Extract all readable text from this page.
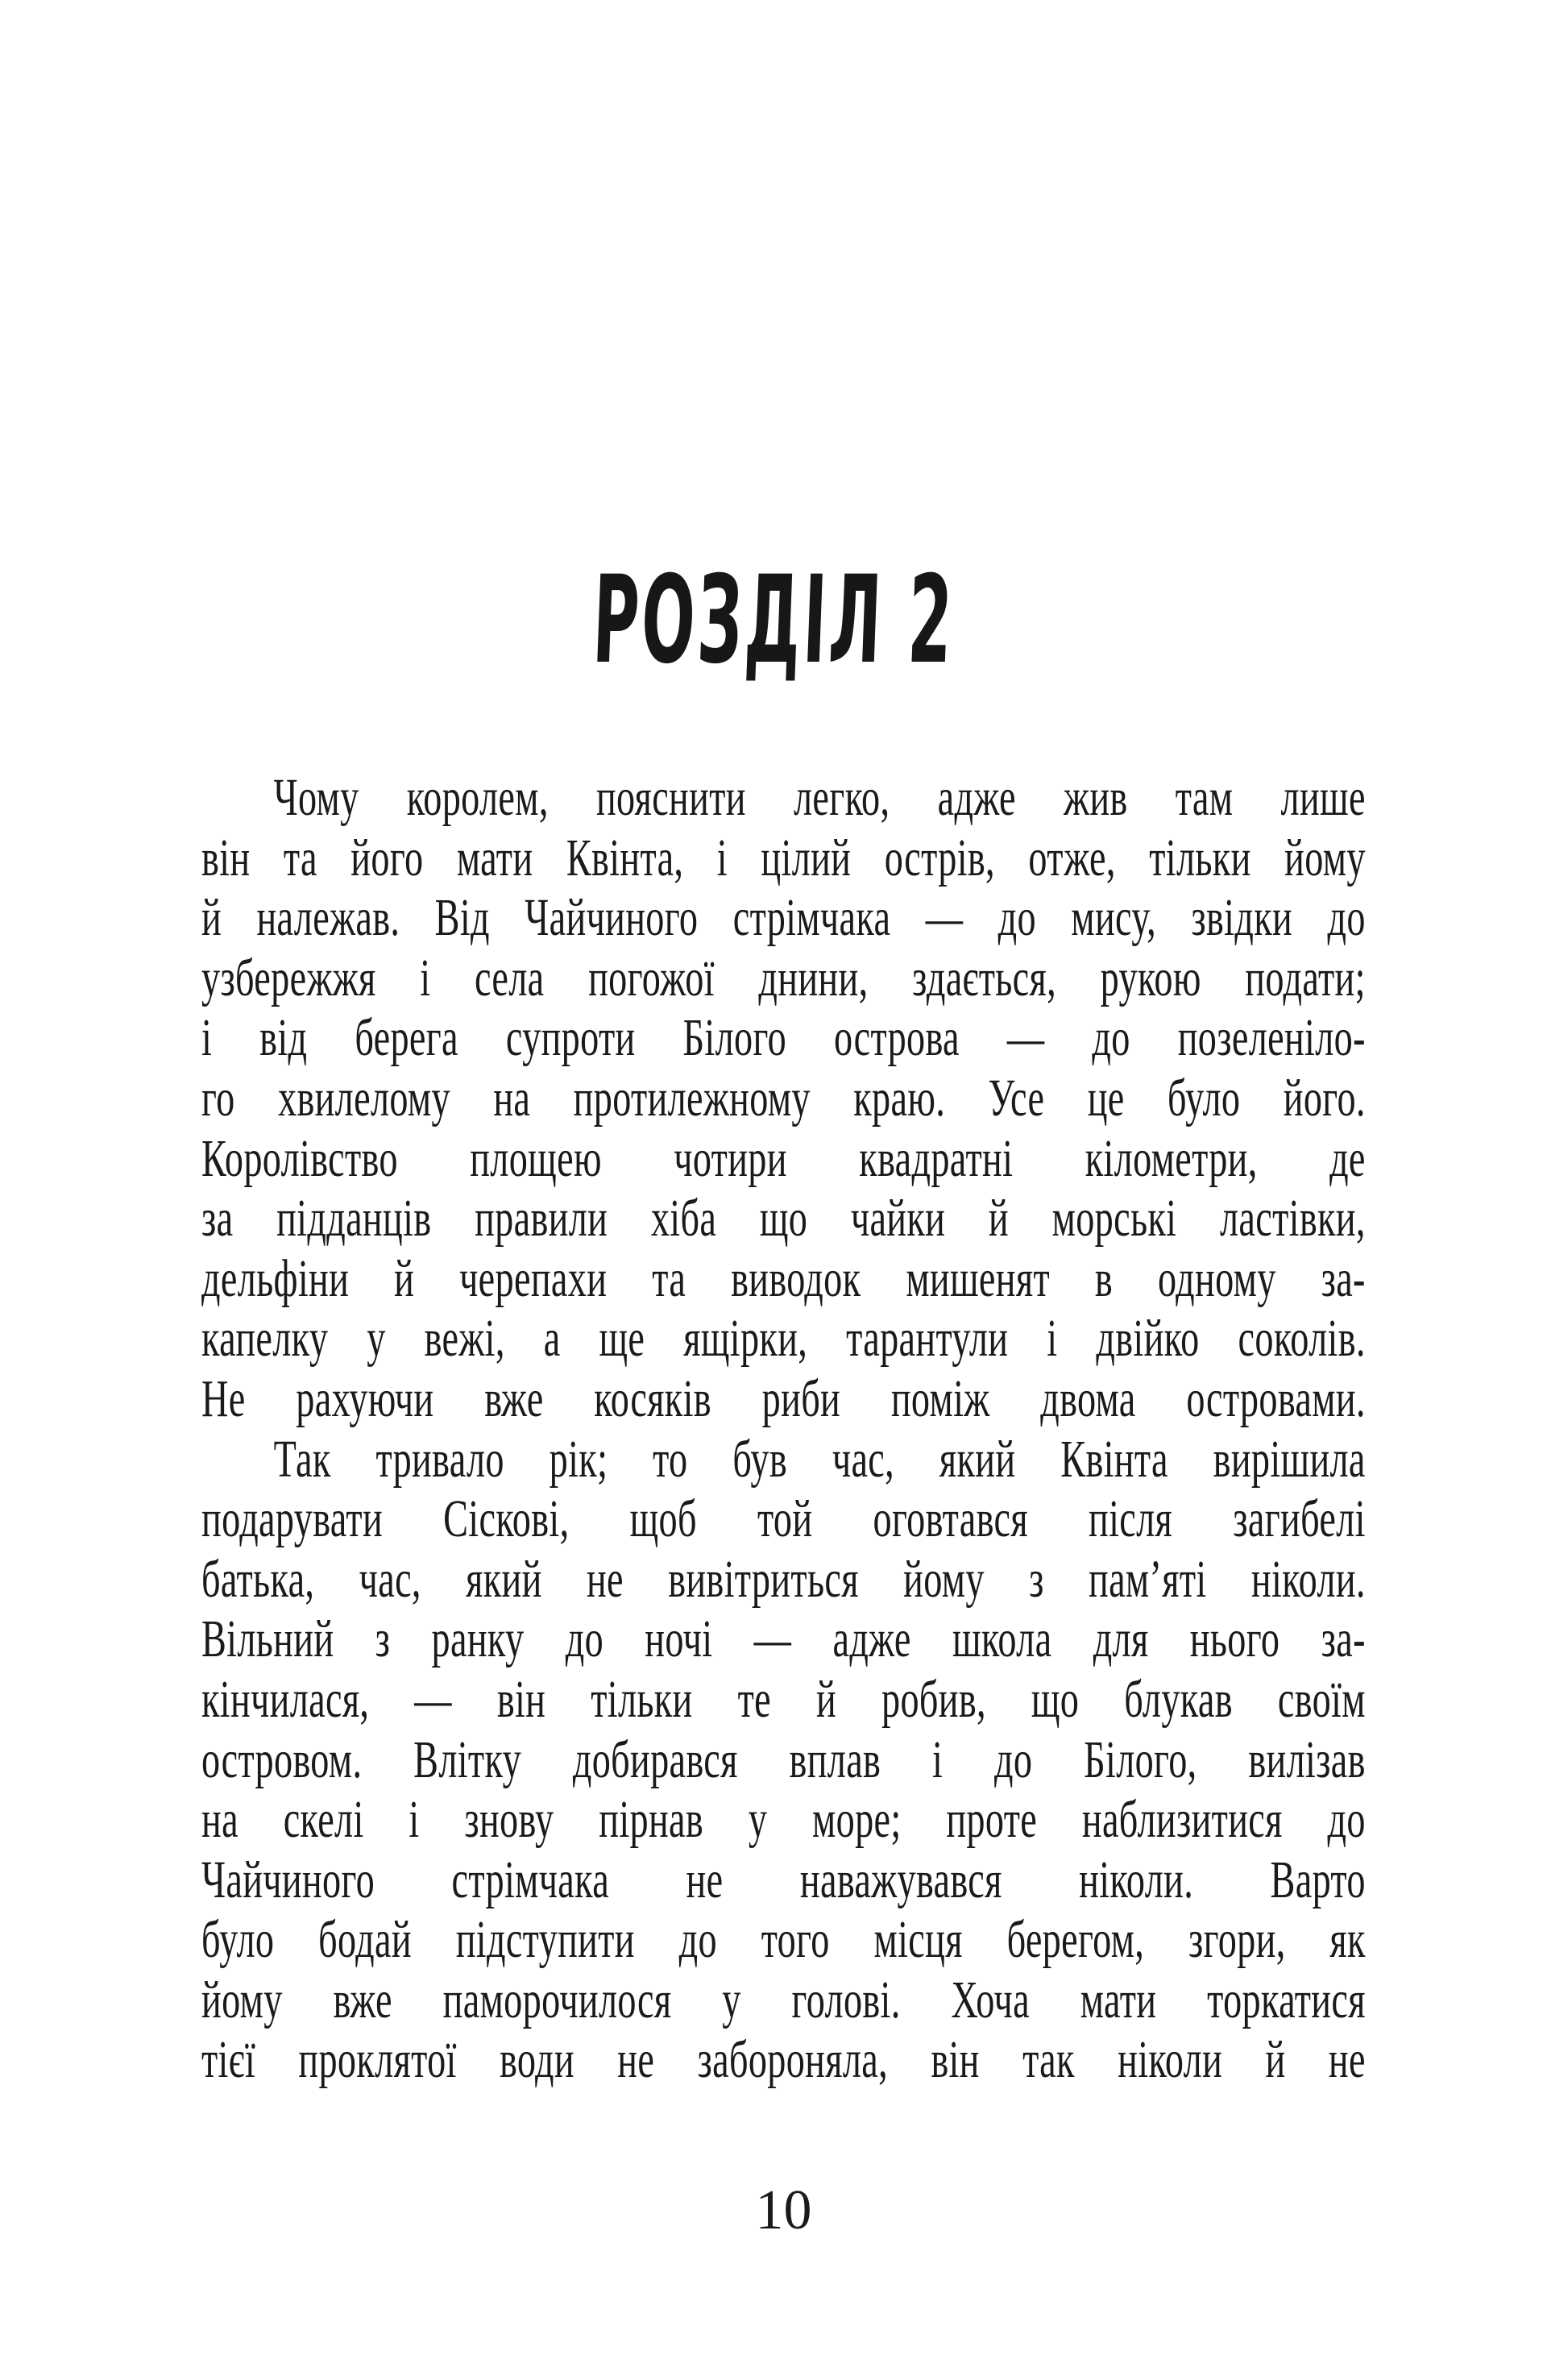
РОЗДІЛ 2
Чому королем, пояснити легко, адже жив там лише
він та його мати Квінта, і цілий острів, отже, тільки йому
й належав. Від Чайчиного стрімчака — до мису, звідки до
узбережжя і села погожої днини, здається, рукою подати;
і від берега супроти Білого острова — до позеленіло-
го хвилелому на протилежному краю. Усе це було його.
Королівство площею чотири квадратні кілометри, де
за підданців правили хіба що чайки й морські ластівки,
дельфіни й черепахи та виводок мишенят в одному за-
капелку у вежі, а ще ящірки, тарантули і двійко соколів.
Не рахуючи вже косяків риби поміж двома островами.
Так тривало рік; то був час, який Квінта вирішила
подарувати Сіскові, щоб той оговтався після загибелі
батька, час, який не вивітриться йому з пам’яті ніколи.
Вільний з ранку до ночі — адже школа для нього за-
кінчилася, — він тільки те й робив, що блукав своїм
островом. Влітку добирався вплав і до Білого, вилізав
на скелі і знову пірнав у море; проте наблизитися до
Чайчиного стрімчака не наважувався ніколи. Варто
було бодай підступити до того місця берегом, згори, як
йому вже паморочилося у голові. Хоча мати торкатися
тієї проклятої води не забороняла, він так ніколи й не
10
